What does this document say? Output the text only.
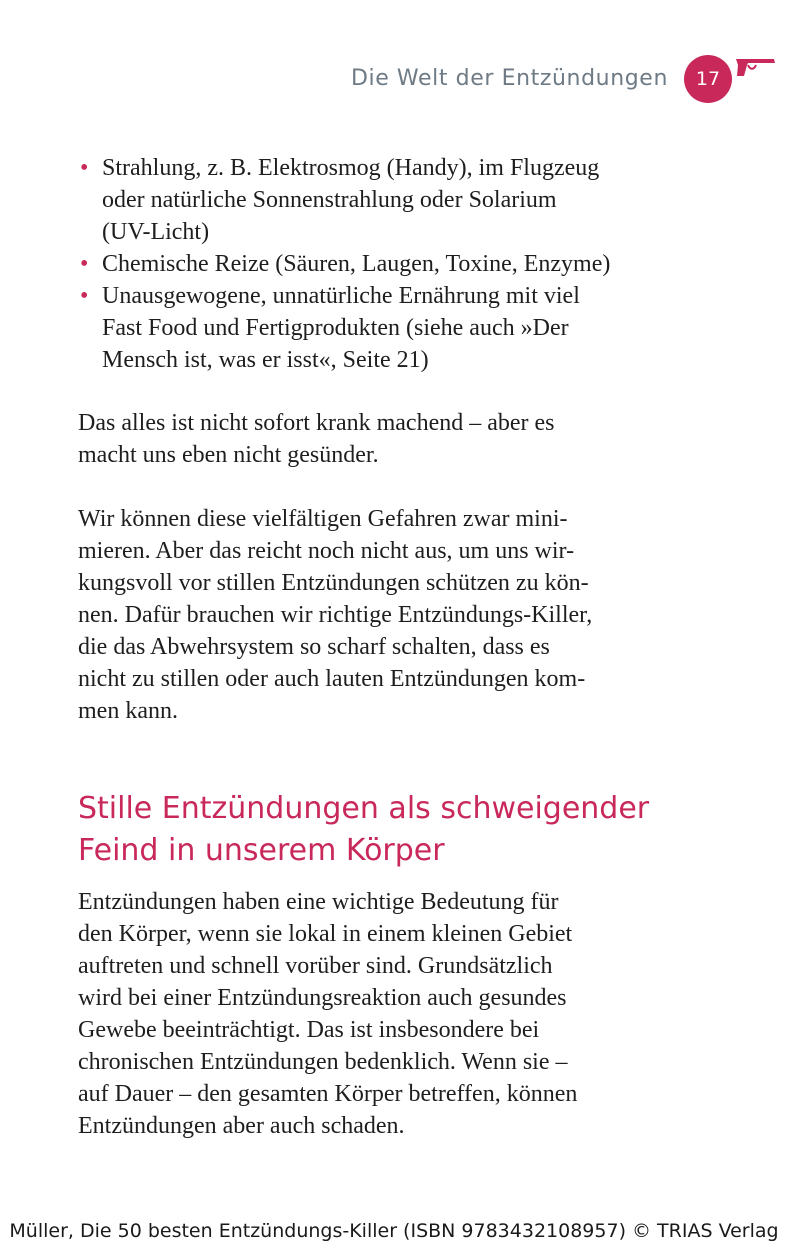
Die Welt der Entzündungen 17
• Strahlung, z. B. Elektrosmog (Handy), im Flugzeug
oder natürliche Sonnenstrahlung oder Solarium
(UV-Licht)
• Chemische Reize (Säuren, Laugen, Toxine, Enzyme)
• Unausgewogene, unnatürliche Ernährung mit viel
Fast Food und Fertigprodukten (siehe auch »Der
Mensch ist, was er isst«, Seite 21)
Das alles ist nicht sofort krank machend – aber es
macht uns eben nicht gesünder.
Wir können diese vielfältigen Gefahren zwar mini-
mieren. Aber das reicht noch nicht aus, um uns wir-
kungsvoll vor stillen Entzündungen schützen zu kön-
nen. Dafür brauchen wir richtige Entzündungs-Killer,
die das Abwehrsystem so scharf schalten, dass es
nicht zu stillen oder auch lauten Entzündungen kom-
men kann.
Stille Entzündungen als schweigender
Feind in unserem Körper
Entzündungen haben eine wichtige Bedeutung für
den Körper, wenn sie lokal in einem kleinen Gebiet
auftreten und schnell vorüber sind. Grundsätzlich
wird bei einer Entzündungsreaktion auch gesundes
Gewebe beeinträchtigt. Das ist insbesondere bei
chronischen Entzündungen bedenklich. Wenn sie –
auf Dauer – den gesamten Körper betreffen, können
Entzündungen aber auch schaden.
Müller, Die 50 besten Entzündungs-Killer (ISBN 9783432108957) © TRIAS Verlag
